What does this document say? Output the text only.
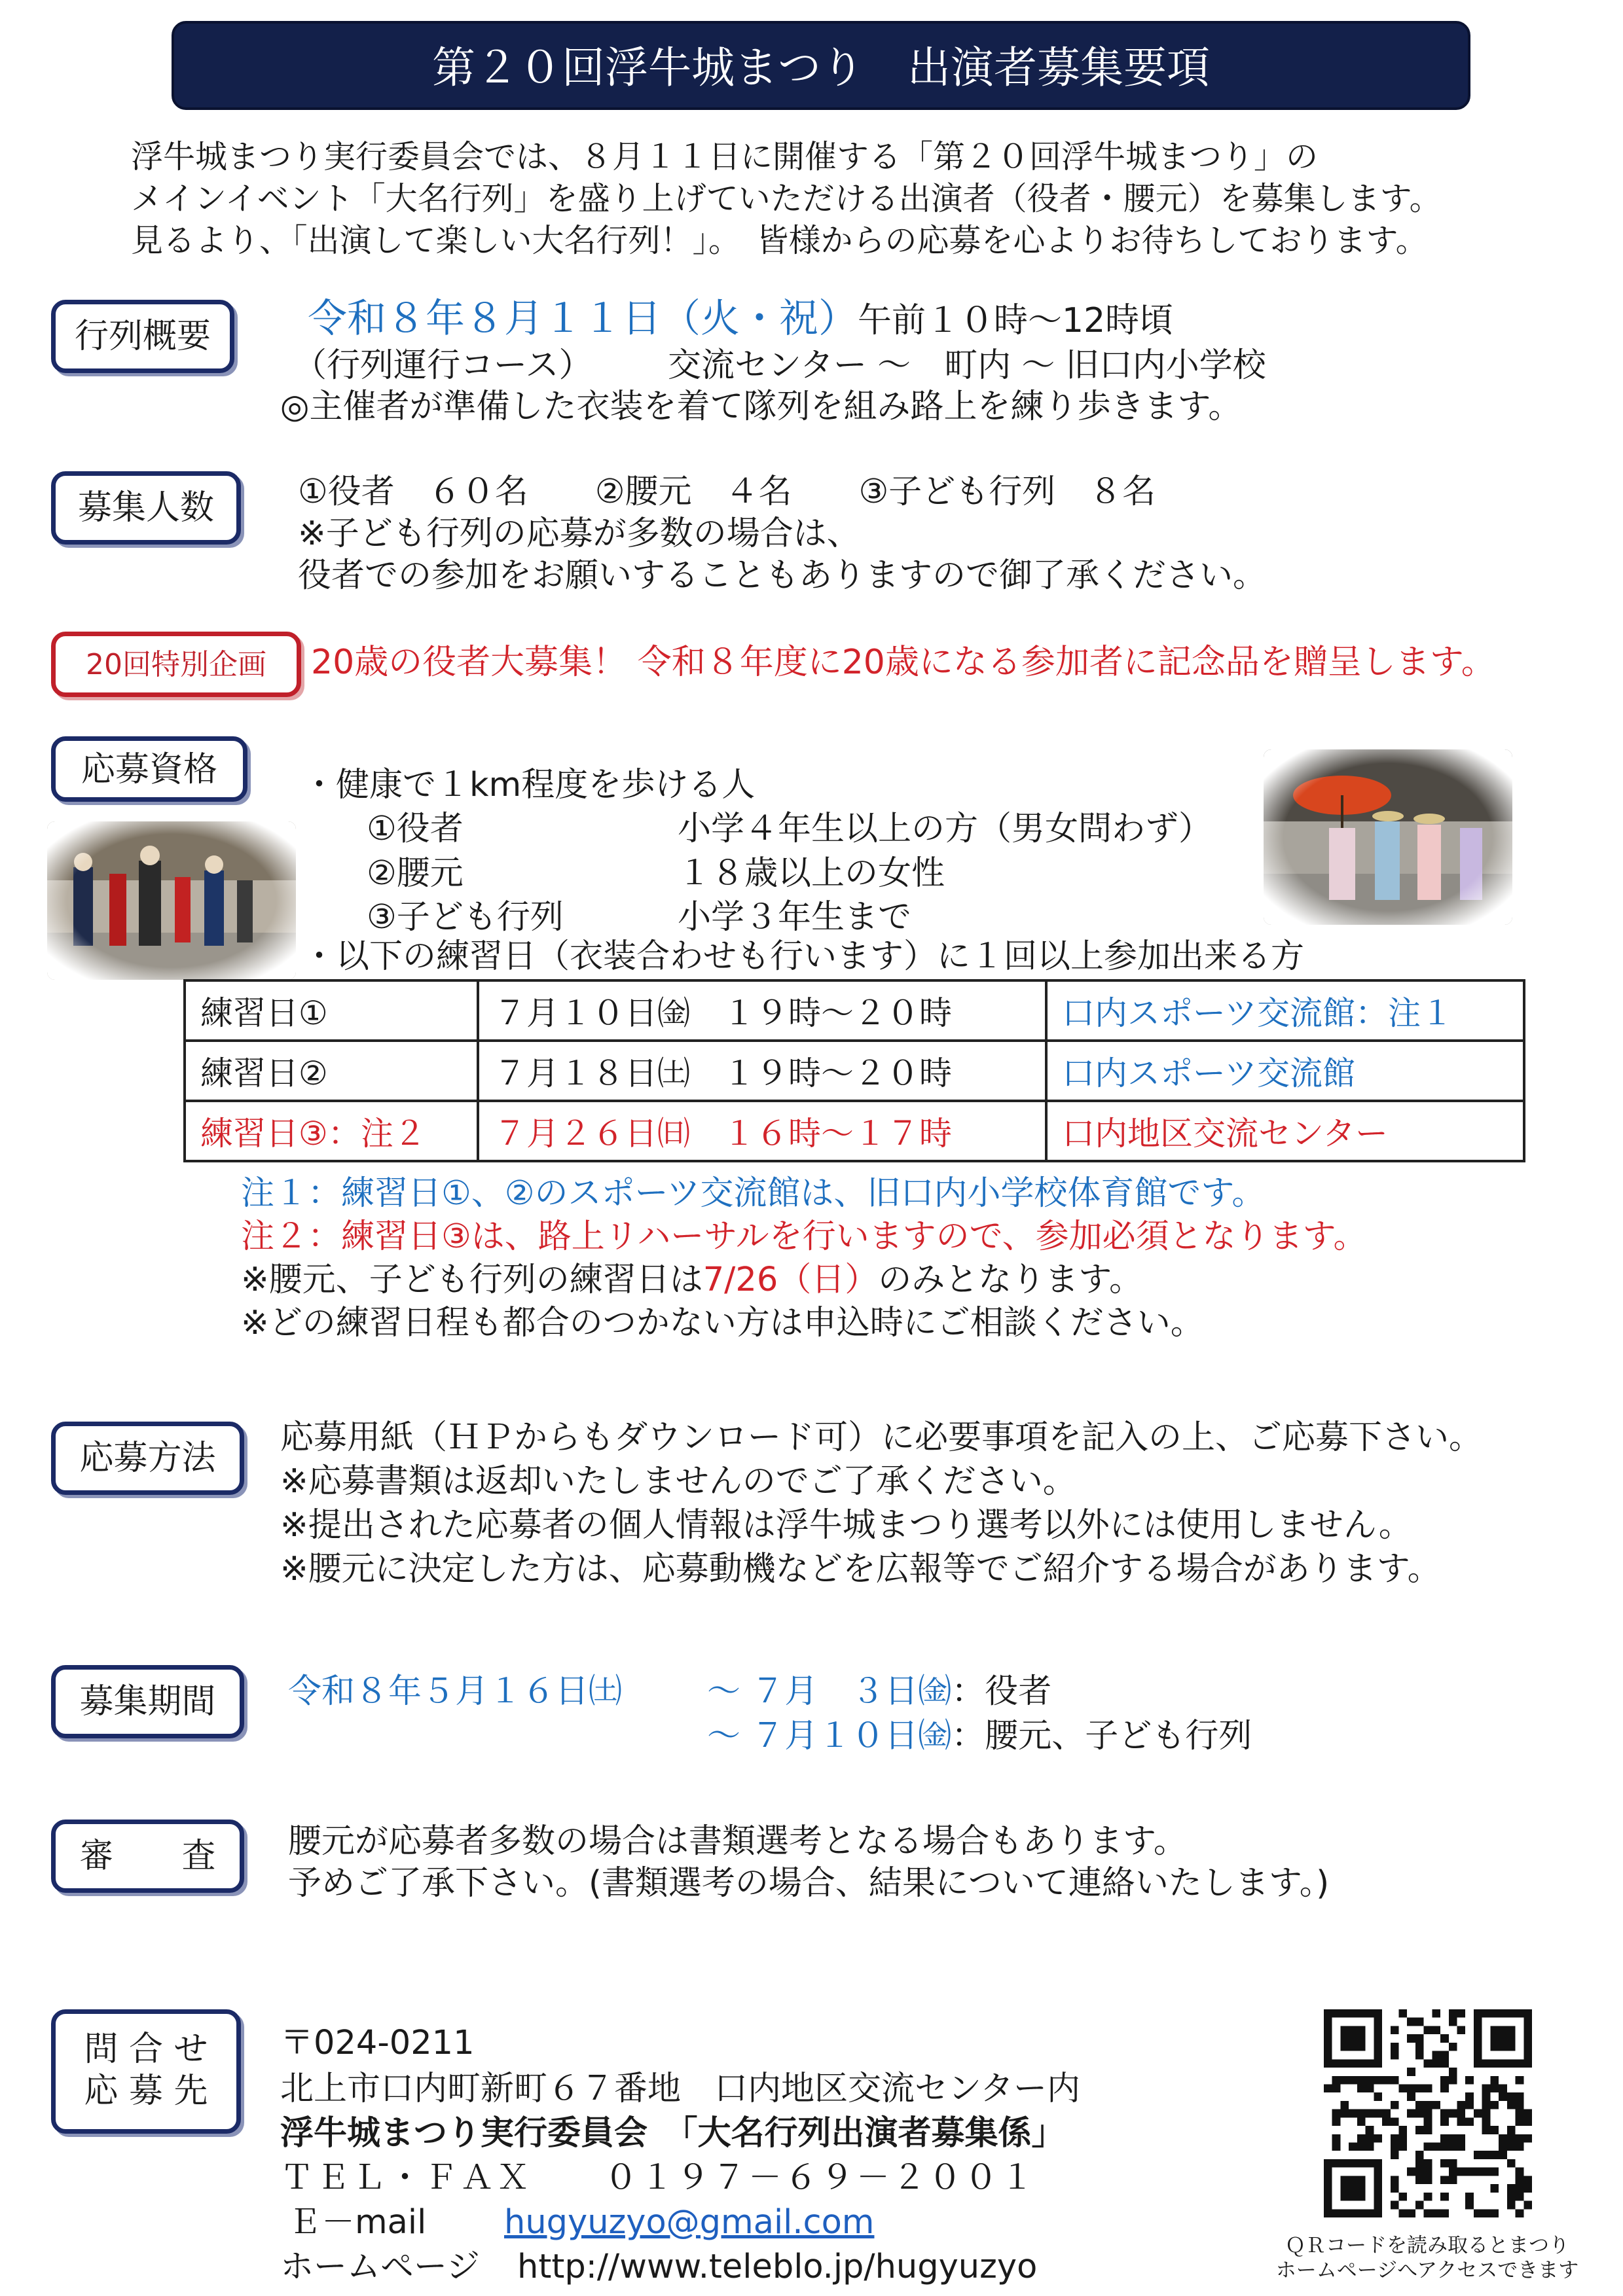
第２０回浮牛城まつり　出演者募集要項
浮牛城まつり実行委員会では、８月１１日に開催する「第２０回浮牛城まつり」の
メインイベント「大名行列」を盛り上げていただける出演者（役者・腰元）を募集します。
見るより、「出演して楽しい大名行列！」。　皆様からの応募を心よりお待ちしております。
行列概要	令和８年８月１１日（火・祝）午前１０時～12時頃
（行列運行コース） 交流センター ～　町内 ～ 旧口内小学校
◎主催者が準備した衣装を着て隊列を組み路上を練り歩きます。
募集人数	①役者　６０名　　②腰元　４名　　③子ども行列　８名
※子ども行列の応募が多数の場合は、
役者での参加をお願いすることもありますので御了承ください。
20回特別企画	20歳の役者大募集！ 令和８年度に20歳になる参加者に記念品を贈呈します。
応募資格	・健康で１km程度を歩ける人
①役者	小学４年生以上の方（男女問わず）
②腰元	１８歳以上の女性
③子ども行列	小学３年生まで
・以下の練習日（衣装合わせも行います）に１回以上参加出来る方
練習日①	７月１０日㈮　 １９時～２０時	口内スポーツ交流館：注１
練習日②	７月１８日㈯　 １９時～２０時	口内スポーツ交流館
練習日③：注２	７月２６日㈰　 １６時～１７時	口内地区交流センター
注１：練習日①、②のスポーツ交流館は、旧口内小学校体育館です。
注２：練習日③は、路上リハーサルを行いますので、参加必須となります。
※腰元、子ども行列の練習日は7/26（日）のみとなります。
※どの練習日程も都合のつかない方は申込時にご相談ください。
応募方法
応募用紙（ＨＰからもダウンロード可）に必要事項を記入の上、ご応募下さい。
※応募書類は返却いたしませんのでご了承ください。
※提出された応募者の個人情報は浮牛城まつり選考以外には使用しません。
※腰元に決定した方は、応募動機などを広報等でご紹介する場合があります。
募集期間	令和８年５月１６日㈯	～ ７月　３日㈮：役者
～ ７月１０日㈮：腰元、子ども行列
審　　査	腰元が応募者多数の場合は書類選考となる場合もあります。
予めご了承下さい。(書類選考の場合、結果について連絡いたします。)
問 合 せ
応 募 先
〒024-0211
北上市口内町新町６７番地　口内地区交流センター内
浮牛城まつり実行委員会　「大名行列出演者募集係」
ＴＥＬ・ＦＡＸ　　０１９７－６９－２００１
Ｅ－mail hugyuzyo@gmail.com
ホームページ http://www.teleblo.jp/hugyuzyo
ＱＲコードを読み取るとまつり
ホームページへアクセスできます
